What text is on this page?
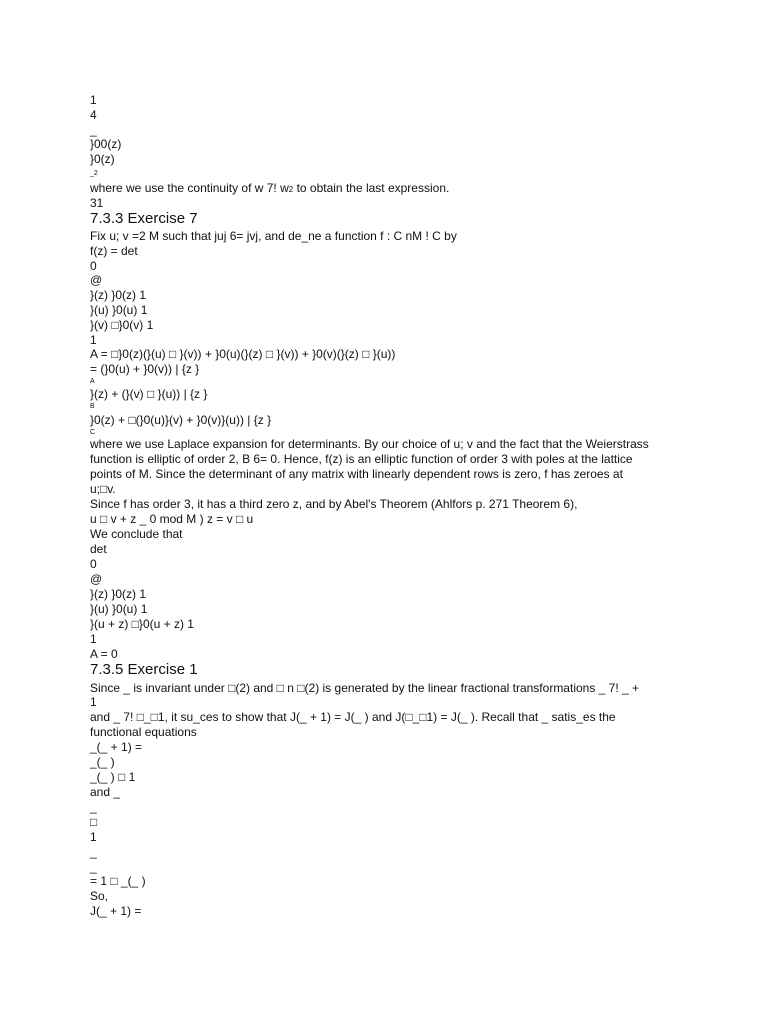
1
4
_
}00(z)
}0(z)
_2
where we use the continuity of w 7! w2 to obtain the last expression.
31
7.3.3 Exercise 7
Fix u; v =2 M such that juj 6= jvj, and de_ne a function f : C nM ! C by
f(z) = det
0
@
}(z) }0(z) 1
}(u) }0(u) 1
}(v) □}0(v) 1
1
A = □}0(z)(}(u) □ }(v)) + }0(u)(}(z) □ }(v)) + }0(v)(}(z) □ }(u))
= (}0(u) + }0(v)) | {z }
A
}(z) + (}(v) □ }(u)) | {z }
B
}0(z) + □(}0(u)}(v) + }0(v)}(u)) | {z }
C
where we use Laplace expansion for determinants. By our choice of u; v and the fact that the Weierstrass
function is elliptic of order 2, B 6= 0. Hence, f(z) is an elliptic function of order 3 with poles at the lattice
points of M. Since the determinant of any matrix with linearly dependent rows is zero, f has zeroes at
u;□v.
Since f has order 3, it has a third zero z, and by Abel's Theorem (Ahlfors p. 271 Theorem 6),
u □ v + z _ 0 mod M ) z = v □ u
We conclude that
det
0
@
}(z) }0(z) 1
}(u) }0(u) 1
}(u + z) □}0(u + z) 1
1
A = 0
7.3.5 Exercise 1
Since _ is invariant under □(2) and □ n □(2) is generated by the linear fractional transformations _ 7! _ +
1
and _ 7! □_□1, it su_ces to show that J(_ + 1) = J(_ ) and J(□_□1) = J(_ ). Recall that _ satis_es the
functional equations
_(_ + 1) =
_(_ )
_(_ ) □ 1
and _
_
□
1
_
_
= 1 □ _(_ )
So,
J(_ + 1) =
